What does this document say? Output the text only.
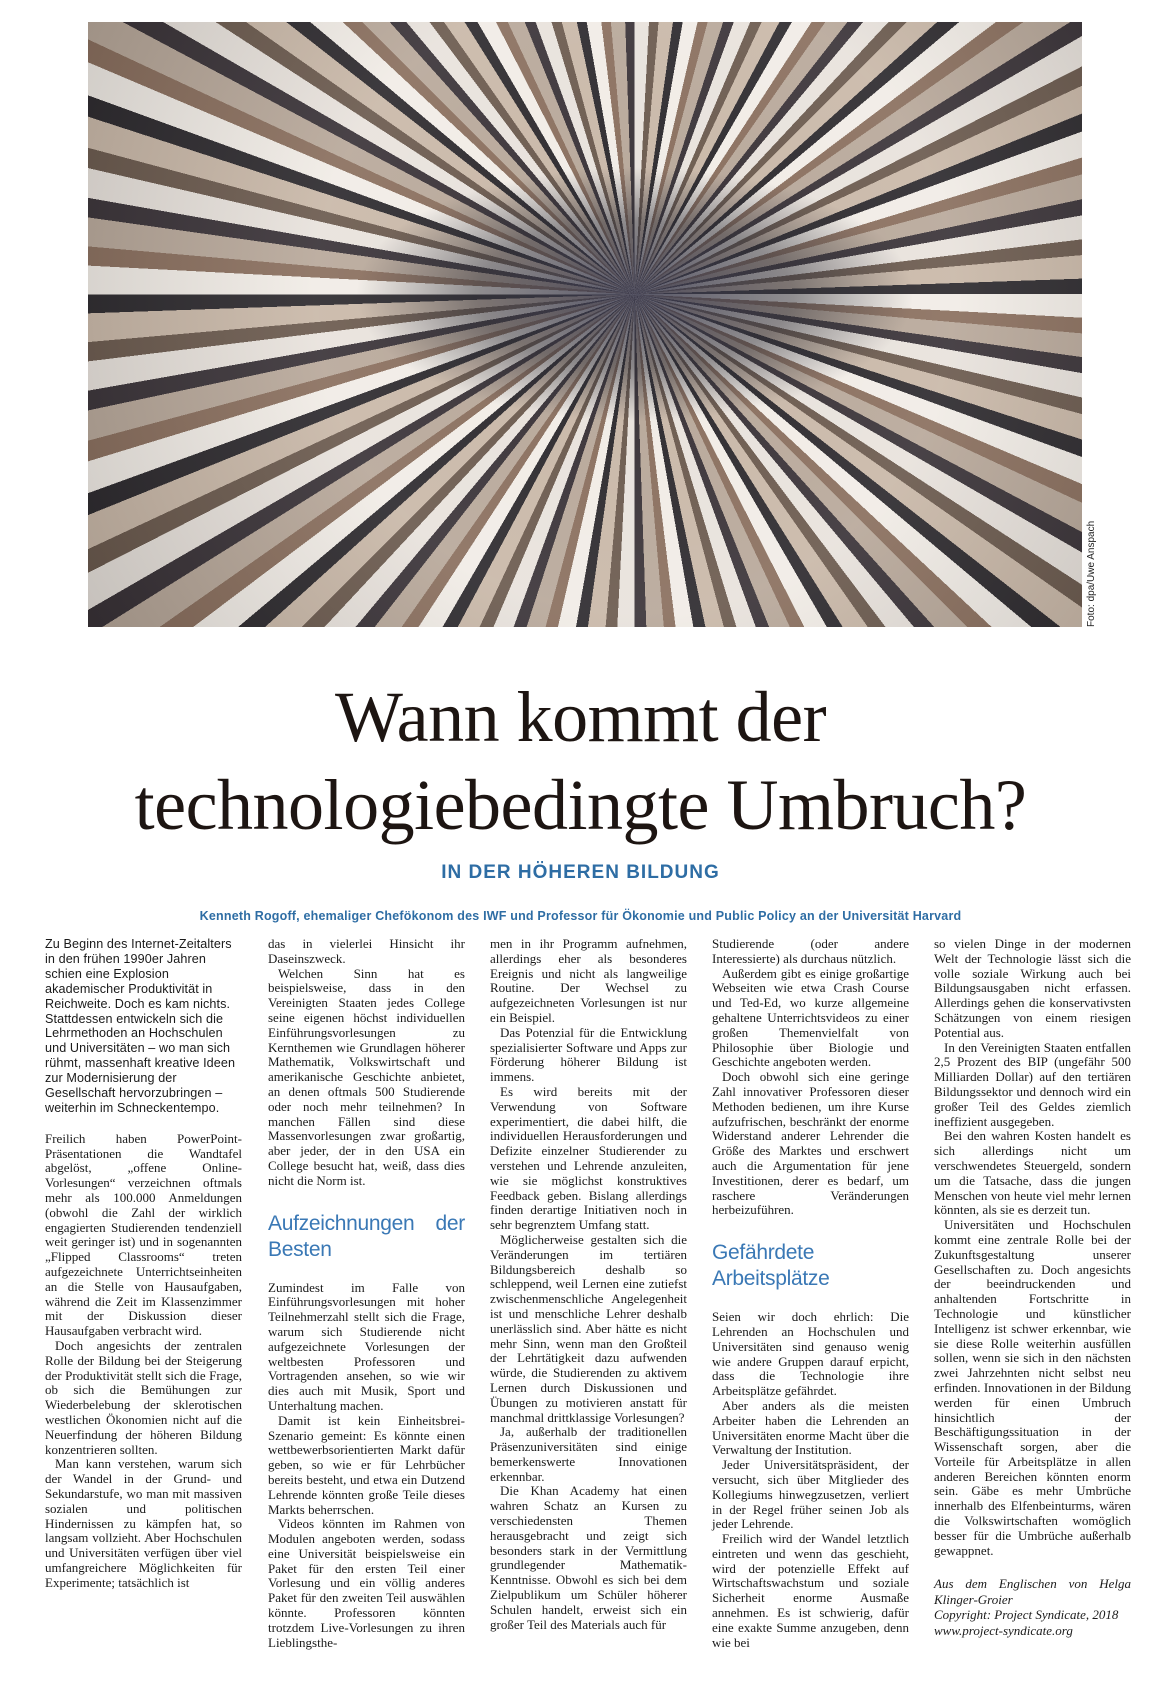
Foto: dpa/Uwe Anspach
Wann kommt der
technologiebedingte Umbruch?
IN DER HÖHEREN BILDUNG
Kenneth Rogoff, ehemaliger Chefökonom des IWF und Professor für Ökonomie und Public Policy an der Universität Harvard

Zu Beginn des Internet-Zeitalters in den frühen 1990er Jahren schien eine Explosion akademischer Produktivität in Reichweite. Doch es kam nichts. Stattdessen entwickeln sich die Lehrmethoden an Hochschulen und Universitäten – wo man sich rühmt, massenhaft kreative Ideen zur Modernisierung der Gesellschaft hervorzubringen – weiterhin im Schneckentempo.

Freilich haben PowerPoint-Präsentationen die Wandtafel abgelöst, „offene Online-Vorlesungen“ verzeichnen oftmals mehr als 100.000 Anmeldungen (obwohl die Zahl der wirklich engagierten Studierenden tendenziell weit geringer ist) und in sogenannten „Flipped Classrooms“ treten aufgezeichnete Unterrichtseinheiten an die Stelle von Hausaufgaben, während die Zeit im Klassenzimmer mit der Diskussion dieser Hausaufgaben verbracht wird.

Doch angesichts der zentralen Rolle der Bildung bei der Steigerung der Produktivität stellt sich die Frage, ob sich die Bemühungen zur Wiederbelebung der sklerotischen westlichen Ökonomien nicht auf die Neuerfindung der höheren Bildung konzentrieren sollten.

Man kann verstehen, warum sich der Wandel in der Grund- und Sekundarstufe, wo man mit massiven sozialen und politischen Hindernissen zu kämpfen hat, so langsam vollzieht. Aber Hochschulen und Universitäten verfügen über viel umfangreichere Möglichkeiten für Experimente; tatsächlich ist

das in vielerlei Hinsicht ihr Daseinszweck.

Welchen Sinn hat es beispielsweise, dass in den Vereinigten Staaten jedes College seine eigenen höchst individuellen Einführungsvorlesungen zu Kernthemen wie Grundlagen höherer Mathematik, Volkswirtschaft und amerikanische Geschichte anbietet, an denen oftmals 500 Studierende oder noch mehr teilnehmen? In manchen Fällen sind diese Massenvorlesungen zwar großartig, aber jeder, der in den USA ein College besucht hat, weiß, dass dies nicht die Norm ist.

Aufzeichnungen der Besten

Zumindest im Falle von Einführungsvorlesungen mit hoher Teilnehmerzahl stellt sich die Frage, warum sich Studierende nicht aufgezeichnete Vorlesungen der weltbesten Professoren und Vortragenden ansehen, so wie wir dies auch mit Musik, Sport und Unterhaltung machen.

Damit ist kein Einheitsbrei-Szenario gemeint: Es könnte einen wettbewerbsorientierten Markt dafür geben, so wie er für Lehrbücher bereits besteht, und etwa ein Dutzend Lehrende könnten große Teile dieses Markts beherrschen.

Videos könnten im Rahmen von Modulen angeboten werden, sodass eine Universität beispielsweise ein Paket für den ersten Teil einer Vorlesung und ein völlig anderes Paket für den zweiten Teil auswählen könnte. Professoren könnten trotzdem Live-Vorlesungen zu ihren Lieblingsthe-

men in ihr Programm aufnehmen, allerdings eher als besonderes Ereignis und nicht als langweilige Routine. Der Wechsel zu aufgezeichneten Vorlesungen ist nur ein Beispiel.

Das Potenzial für die Entwicklung spezialisierter Software und Apps zur Förderung höherer Bildung ist immens.

Es wird bereits mit der Verwendung von Software experimentiert, die dabei hilft, die individuellen Herausforderungen und Defizite einzelner Studierender zu verstehen und Lehrende anzuleiten, wie sie möglichst konstruktives Feedback geben. Bislang allerdings finden derartige Initiativen noch in sehr begrenztem Umfang statt.

Möglicherweise gestalten sich die Veränderungen im tertiären Bildungsbereich deshalb so schleppend, weil Lernen eine zutiefst zwischenmenschliche Angelegenheit ist und menschliche Lehrer deshalb unerlässlich sind. Aber hätte es nicht mehr Sinn, wenn man den Großteil der Lehrtätigkeit dazu aufwenden würde, die Studierenden zu aktivem Lernen durch Diskussionen und Übungen zu motivieren anstatt für manchmal drittklassige Vorlesungen?

Ja, außerhalb der traditionellen Präsenzuniversitäten sind einige bemerkenswerte Innovationen erkennbar.

Die Khan Academy hat einen wahren Schatz an Kursen zu verschiedensten Themen herausgebracht und zeigt sich besonders stark in der Vermittlung grundlegender Mathematik-Kenntnisse. Obwohl es sich bei dem Zielpublikum um Schüler höherer Schulen handelt, erweist sich ein großer Teil des Materials auch für

Studierende (oder andere Interessierte) als durchaus nützlich.

Außerdem gibt es einige großartige Webseiten wie etwa Crash Course und Ted-Ed, wo kurze allgemeine gehaltene Unterrichtsvideos zu einer großen Themenvielfalt von Philosophie über Biologie und Geschichte angeboten werden.

Doch obwohl sich eine geringe Zahl innovativer Professoren dieser Methoden bedienen, um ihre Kurse aufzufrischen, beschränkt der enorme Widerstand anderer Lehrender die Größe des Marktes und erschwert auch die Argumentation für jene Investitionen, derer es bedarf, um raschere Veränderungen herbeizuführen.

Gefährdete Arbeitsplätze

Seien wir doch ehrlich: Die Lehrenden an Hochschulen und Universitäten sind genauso wenig wie andere Gruppen darauf erpicht, dass die Technologie ihre Arbeitsplätze gefährdet.

Aber anders als die meisten Arbeiter haben die Lehrenden an Universitäten enorme Macht über die Verwaltung der Institution.

Jeder Universitätspräsident, der versucht, sich über Mitglieder des Kollegiums hinwegzusetzen, verliert in der Regel früher seinen Job als jeder Lehrende.

Freilich wird der Wandel letztlich eintreten und wenn das geschieht, wird der potenzielle Effekt auf Wirtschaftswachstum und soziale Sicherheit enorme Ausmaße annehmen. Es ist schwierig, dafür eine exakte Summe anzugeben, denn wie bei

so vielen Dinge in der modernen Welt der Technologie lässt sich die volle soziale Wirkung auch bei Bildungsausgaben nicht erfassen. Allerdings gehen die konservativsten Schätzungen von einem riesigen Potential aus.

In den Vereinigten Staaten entfallen 2,5 Prozent des BIP (ungefähr 500 Milliarden Dollar) auf den tertiären Bildungssektor und dennoch wird ein großer Teil des Geldes ziemlich ineffizient ausgegeben.

Bei den wahren Kosten handelt es sich allerdings nicht um verschwendetes Steuergeld, sondern um die Tatsache, dass die jungen Menschen von heute viel mehr lernen könnten, als sie es derzeit tun.

Universitäten und Hochschulen kommt eine zentrale Rolle bei der Zukunftsgestaltung unserer Gesellschaften zu. Doch angesichts der beeindruckenden und anhaltenden Fortschritte in Technologie und künstlicher Intelligenz ist schwer erkennbar, wie sie diese Rolle weiterhin ausfüllen sollen, wenn sie sich in den nächsten zwei Jahrzehnten nicht selbst neu erfinden. Innovationen in der Bildung werden für einen Umbruch hinsichtlich der Beschäftigungssituation in der Wissenschaft sorgen, aber die Vorteile für Arbeitsplätze in allen anderen Bereichen könnten enorm sein. Gäbe es mehr Umbrüche innerhalb des Elfenbeinturms, wären die Volkswirtschaften womöglich besser für die Umbrüche außerhalb gewappnet.

Aus dem Englischen von Helga Klinger-Groier
Copyright: Project Syndicate, 2018
www.project-syndicate.org
